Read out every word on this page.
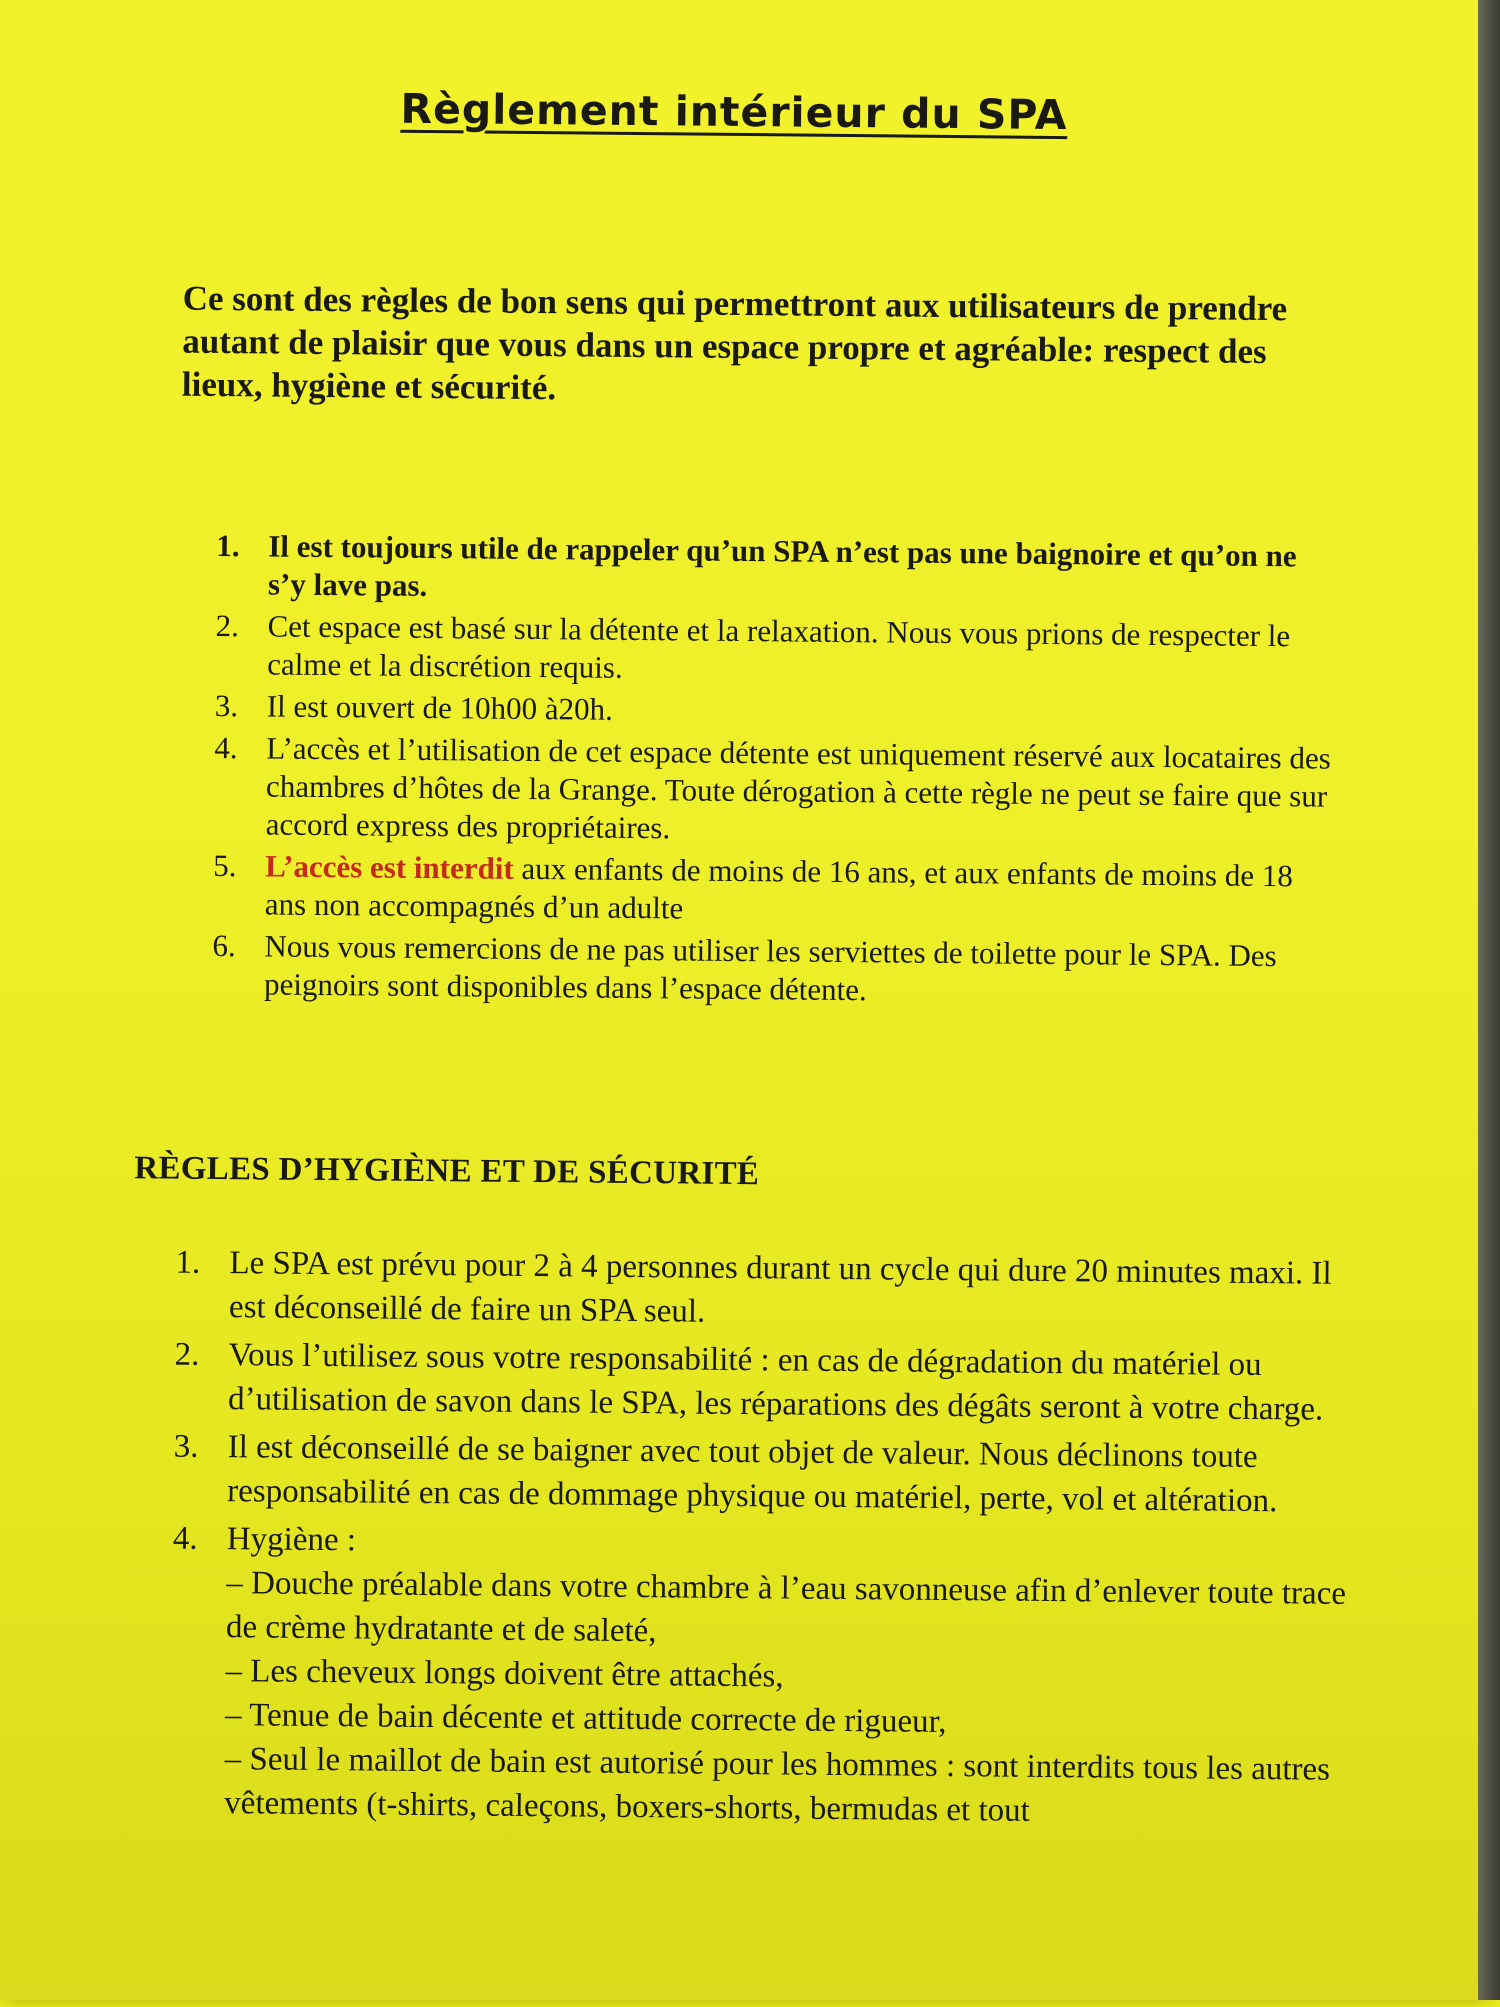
Règlement intérieur du SPA

Ce sont des règles de bon sens qui permettront aux utilisateurs de prendre autant de plaisir que vous dans un espace propre et agréable: respect des lieux, hygiène et sécurité.

1. Il est toujours utile de rappeler qu’un SPA n’est pas une baignoire et qu’on ne s’y lave pas.
2. Cet espace est basé sur la détente et la relaxation. Nous vous prions de respecter le calme et la discrétion requis.
3. Il est ouvert de 10h00 à20h.
4. L’accès et l’utilisation de cet espace détente est uniquement réservé aux locataires des chambres d’hôtes de la Grange. Toute dérogation à cette règle ne peut se faire que sur accord express des propriétaires.
5. L’accès est interdit aux enfants de moins de 16 ans, et aux enfants de moins de 18 ans non accompagnés d’un adulte
6. Nous vous remercions de ne pas utiliser les serviettes de toilette pour le SPA. Des peignoirs sont disponibles dans l’espace détente.
RÈGLES D’HYGIÈNE ET DE SÉCURITÉ
1. Le SPA est prévu pour 2 à 4 personnes durant un cycle qui dure 20 minutes maxi. Il est déconseillé de faire un SPA seul.
2. Vous l’utilisez sous votre responsabilité : en cas de dégradation du matériel ou d’utilisation de savon dans le SPA, les réparations des dégâts seront à votre charge.
3. Il est déconseillé de se baigner avec tout objet de valeur. Nous déclinons toute responsabilité en cas de dommage physique ou matériel, perte, vol et altération.
4. Hygiène :
– Douche préalable dans votre chambre à l’eau savonneuse afin d’enlever toute trace de crème hydratante et de saleté,
– Les cheveux longs doivent être attachés,
– Tenue de bain décente et attitude correcte de rigueur,
– Seul le maillot de bain est autorisé pour les hommes : sont interdits tous les autres vêtements (t-shirts, caleçons, boxers-shorts, bermudas et tout
